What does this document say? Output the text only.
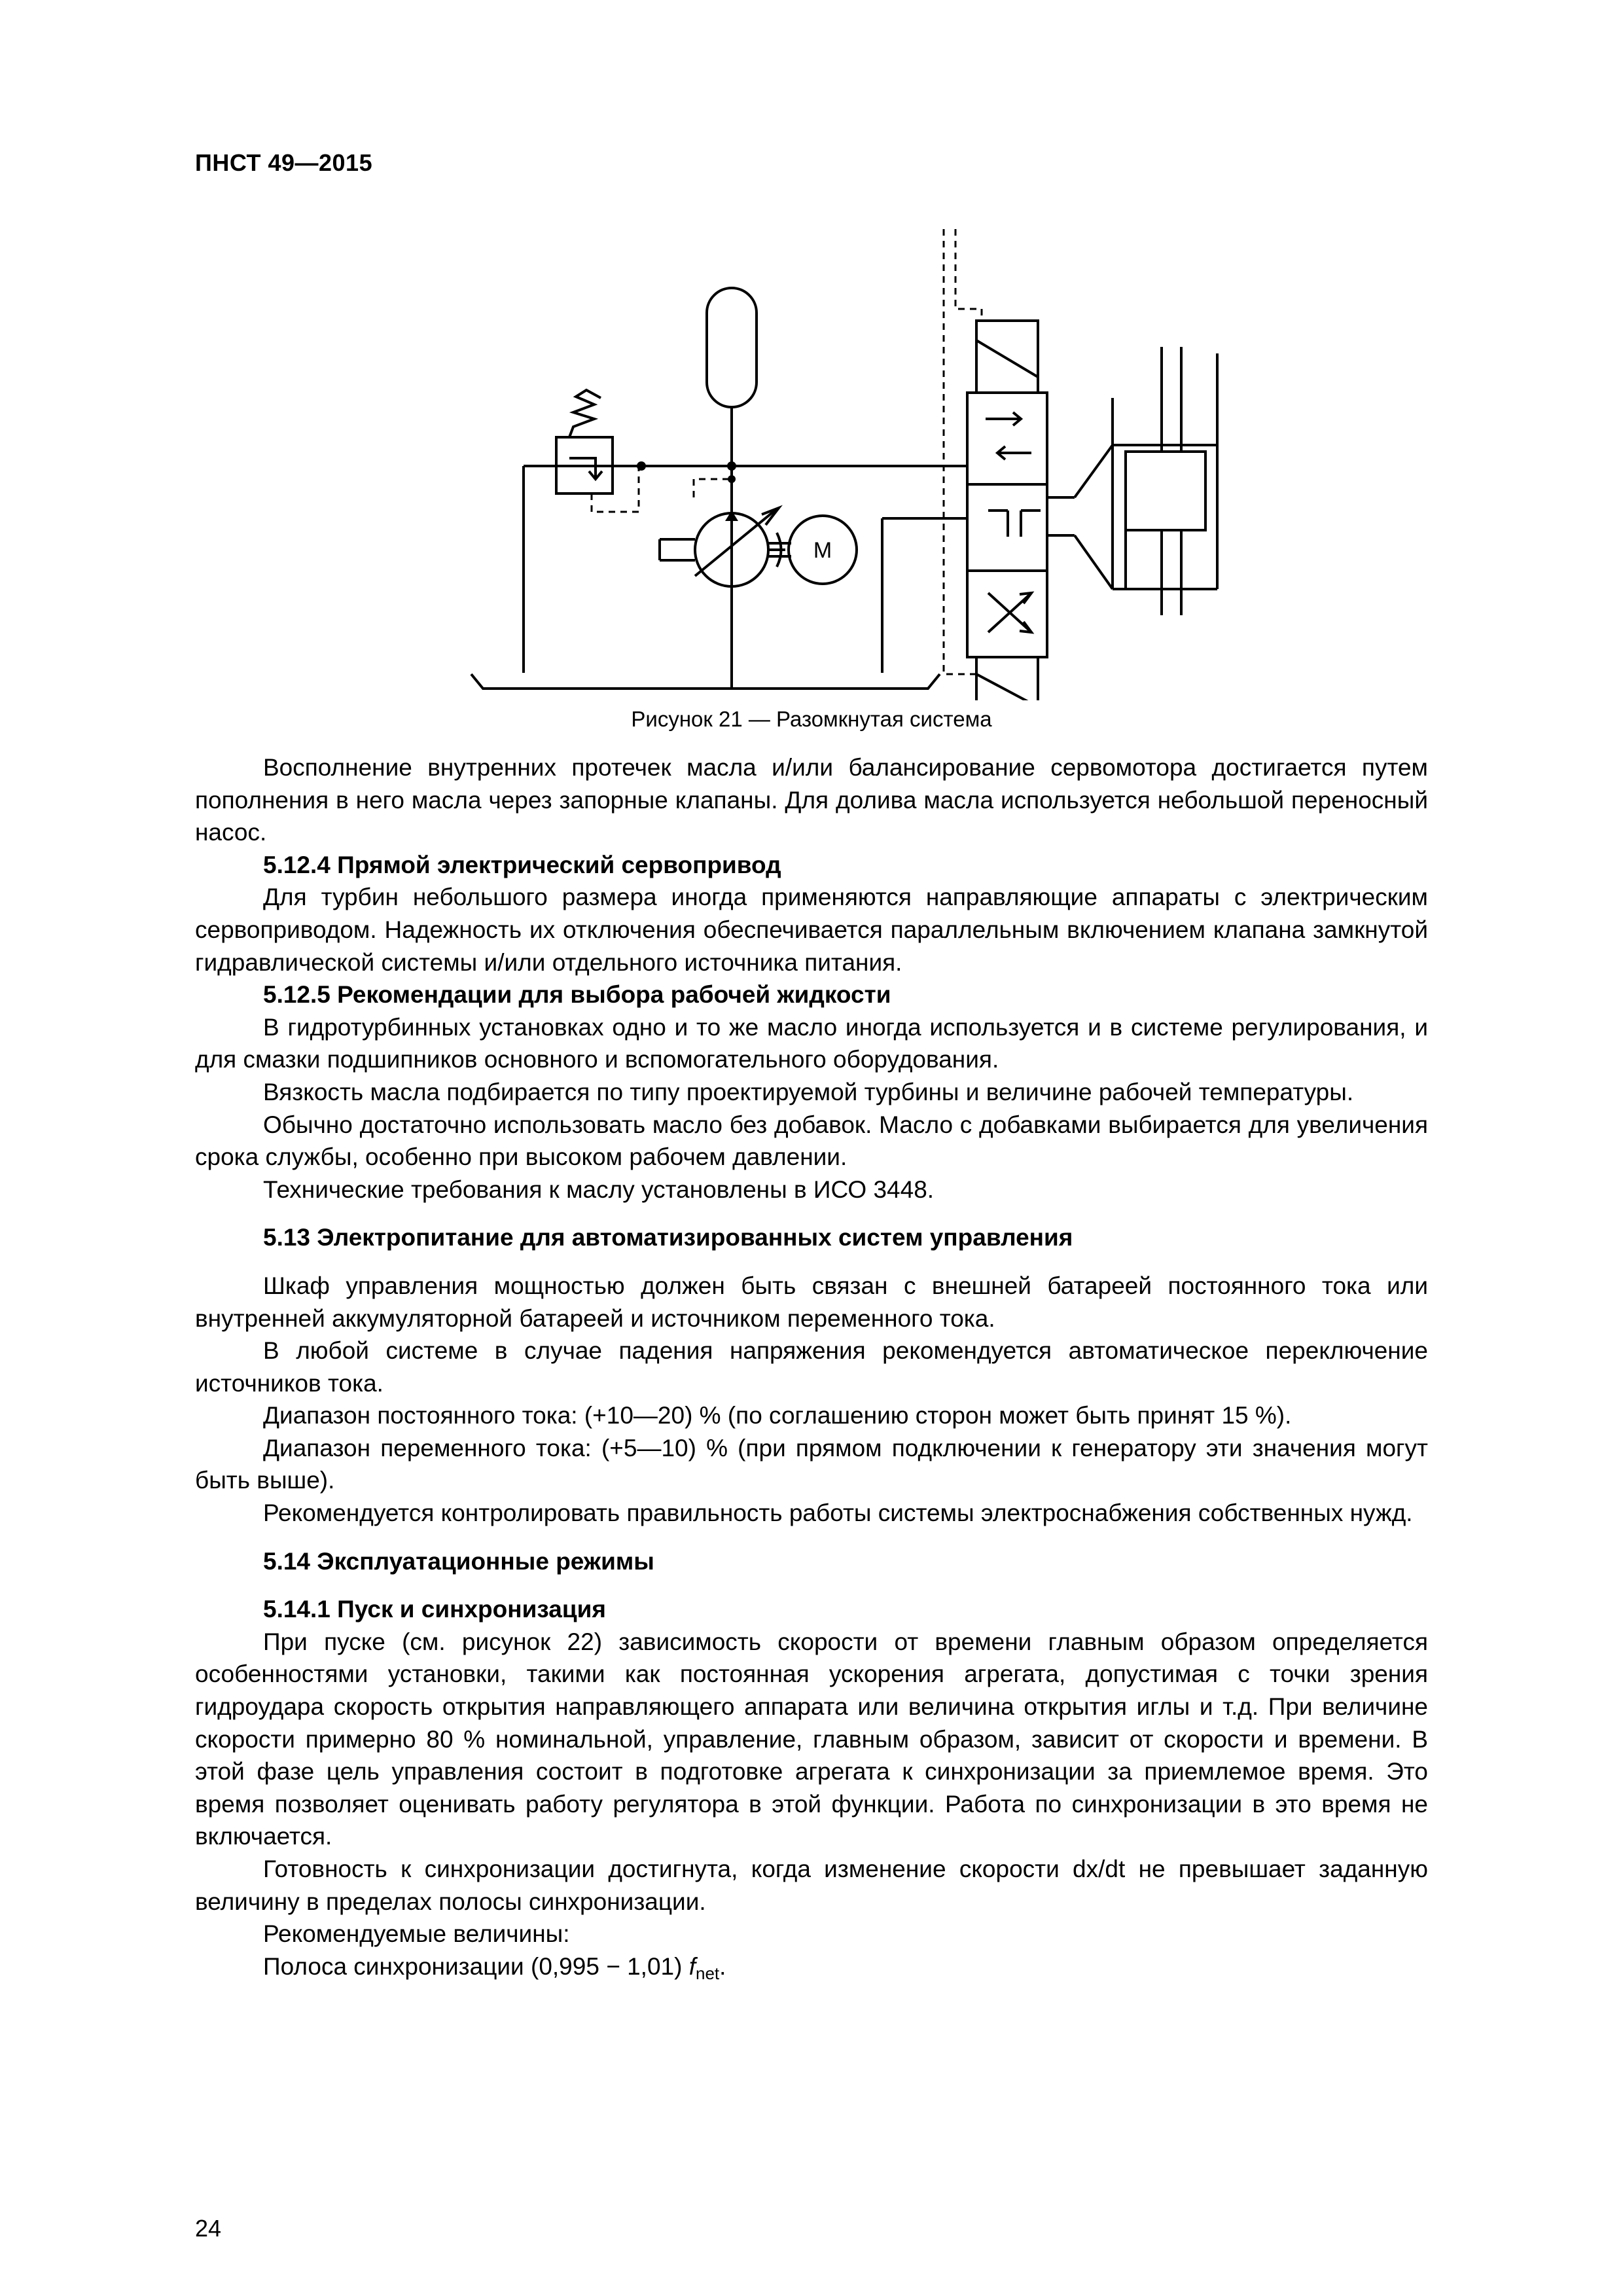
ПНСТ 49—2015
M
Рисунок 21 — Разомкнутая система

Восполнение внутренних протечек масла и/или балансирование сервомотора достигается путем пополнения в него масла через запорные клапаны. Для долива масла используется небольшой переносный насос.

5.12.4 Прямой электрический сервопривод

Для турбин небольшого размера иногда применяются направляющие аппараты с электрическим сервоприводом. Надежность их отключения обеспечивается параллельным включением клапана замкнутой гидравлической системы и/или отдельного источника питания.

5.12.5 Рекомендации для выбора рабочей жидкости

В гидротурбинных установках одно и то же масло иногда используется и в системе регулирования, и для смазки подшипников основного и вспомогательного оборудования.

Вязкость масла подбирается по типу проектируемой турбины и величине рабочей температуры.

Обычно достаточно использовать масло без добавок. Масло с добавками выбирается для увеличения срока службы, особенно при высоком рабочем давлении.

Технические требования к маслу установлены в ИСО 3448.

5.13 Электропитание для автоматизированных систем управления

Шкаф управления мощностью должен быть связан с внешней батареей постоянного тока или внутренней аккумуляторной батареей и источником переменного тока.

В любой системе в случае падения напряжения рекомендуется автоматическое переключение источников тока.

Диапазон постоянного тока: (+10—20) % (по соглашению сторон может быть принят 15 %).

Диапазон переменного тока: (+5—10) % (при прямом подключении к генератору эти значения могут быть выше).

Рекомендуется контролировать правильность работы системы электроснабжения собственных нужд.

5.14 Эксплуатационные режимы
5.14.1 Пуск и синхронизация

При пуске (см. рисунок 22) зависимость скорости от времени главным образом определяется особенностями установки, такими как постоянная ускорения агрегата, допустимая с точки зрения гидроудара скорость открытия направляющего аппарата или величина открытия иглы и т.д. При величине скорости примерно 80 % номинальной, управление, главным образом, зависит от скорости и времени. В этой фазе цель управления состоит в подготовке агрегата к синхронизации за приемлемое время. Это время позволяет оценивать работу регулятора в этой функции. Работа по синхронизации в это время не включается.

Готовность к синхронизации достигнута, когда изменение скорости dx/dt не превышает заданную величину в пределах полосы синхронизации.

Рекомендуемые величины:

Полоса синхронизации (0,995 − 1,01) $f_{net}$.

24
